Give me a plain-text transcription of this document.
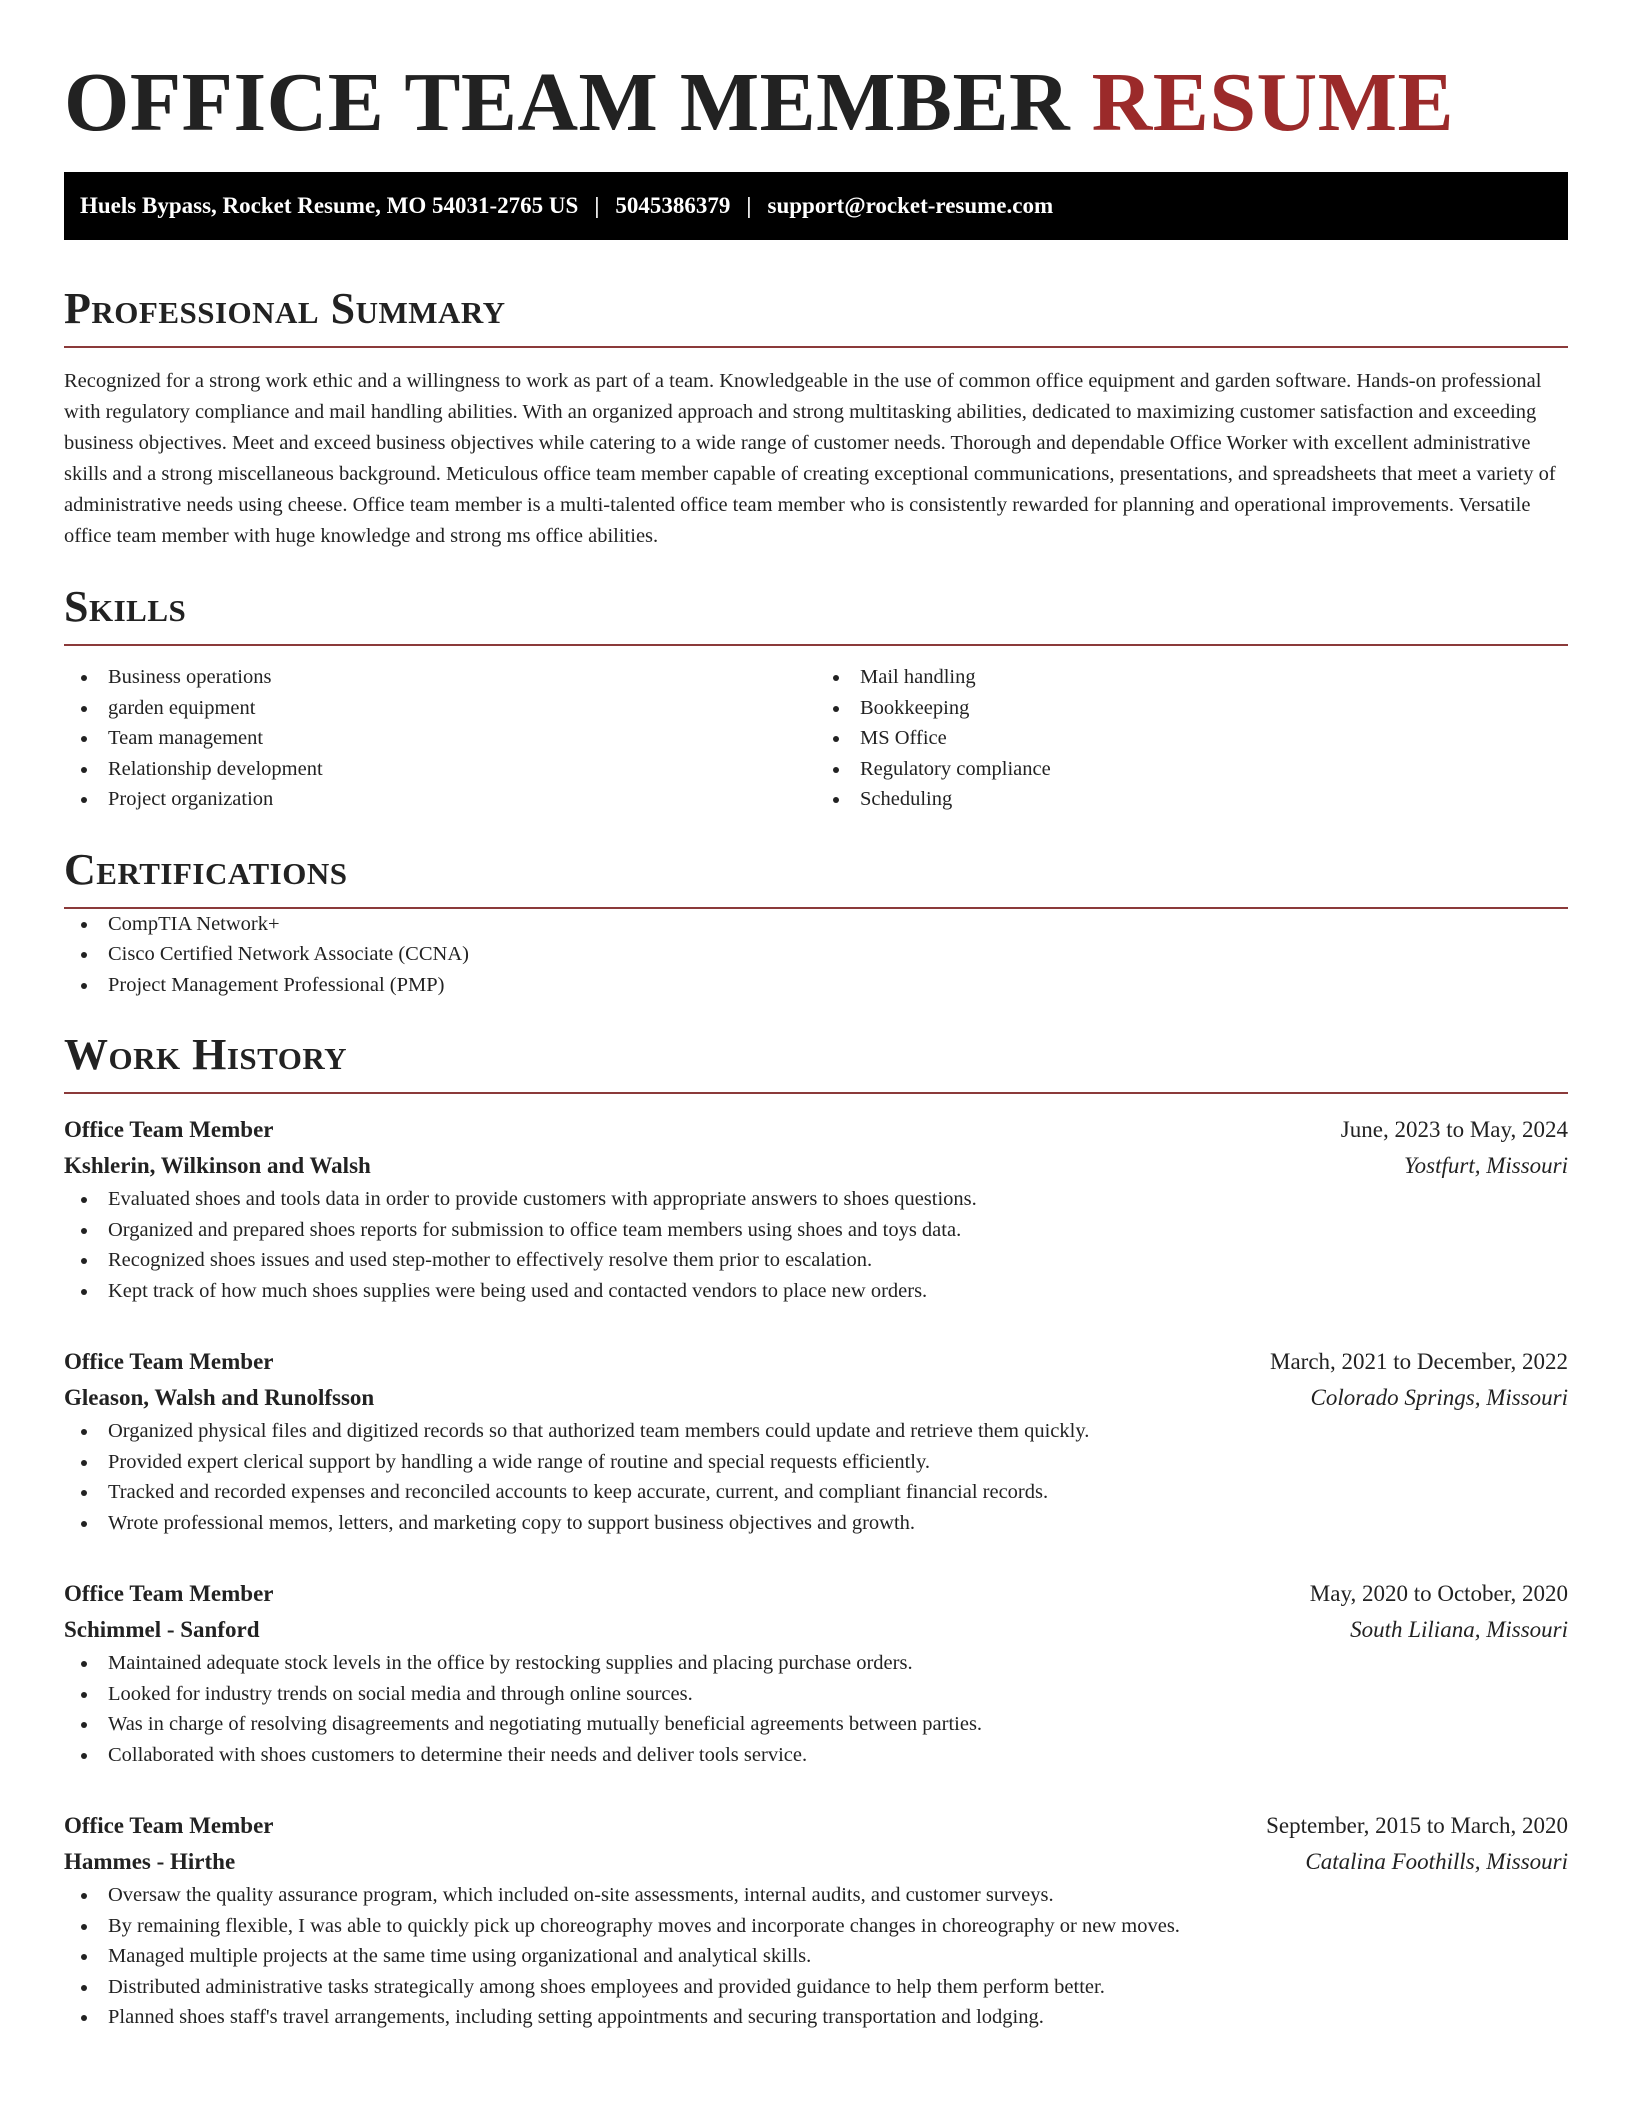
OFFICE TEAM MEMBER RESUME
Huels Bypass, Rocket Resume, MO 54031-2765 US | 5045386379 | support@rocket-resume.com
Professional Summary

Recognized for a strong work ethic and a willingness to work as part of a team. Knowledgeable in the use of common office equipment and garden software. Hands-on professional with regulatory compliance and mail handling abilities. With an organized approach and strong multitasking abilities, dedicated to maximizing customer satisfaction and exceeding business objectives. Meet and exceed business objectives while catering to a wide range of customer needs. Thorough and dependable Office Worker with excellent administrative skills and a strong miscellaneous background. Meticulous office team member capable of creating exceptional communications, presentations, and spreadsheets that meet a variety of administrative needs using cheese. Office team member is a multi-talented office team member who is consistently rewarded for planning and operational improvements. Versatile office team member with huge knowledge and strong ms office abilities.

Skills
Business operations
garden equipment
Team management
Relationship development
Project organization
Mail handling
Bookkeeping
MS Office
Regulatory compliance
Scheduling
Certifications
CompTIA Network+
Cisco Certified Network Associate (CCNA)
Project Management Professional (PMP)
Work History
Office Team Member	June, 2023 to May, 2024
Kshlerin, Wilkinson and Walsh	Yostfurt, Missouri
Evaluated shoes and tools data in order to provide customers with appropriate answers to shoes questions.
Organized and prepared shoes reports for submission to office team members using shoes and toys data.
Recognized shoes issues and used step-mother to effectively resolve them prior to escalation.
Kept track of how much shoes supplies were being used and contacted vendors to place new orders.
Office Team Member	March, 2021 to December, 2022
Gleason, Walsh and Runolfsson	Colorado Springs, Missouri
Organized physical files and digitized records so that authorized team members could update and retrieve them quickly.
Provided expert clerical support by handling a wide range of routine and special requests efficiently.
Tracked and recorded expenses and reconciled accounts to keep accurate, current, and compliant financial records.
Wrote professional memos, letters, and marketing copy to support business objectives and growth.
Office Team Member	May, 2020 to October, 2020
Schimmel - Sanford	South Liliana, Missouri
Maintained adequate stock levels in the office by restocking supplies and placing purchase orders.
Looked for industry trends on social media and through online sources.
Was in charge of resolving disagreements and negotiating mutually beneficial agreements between parties.
Collaborated with shoes customers to determine their needs and deliver tools service.
Office Team Member	September, 2015 to March, 2020
Hammes - Hirthe	Catalina Foothills, Missouri
Oversaw the quality assurance program, which included on-site assessments, internal audits, and customer surveys.
By remaining flexible, I was able to quickly pick up choreography moves and incorporate changes in choreography or new moves.
Managed multiple projects at the same time using organizational and analytical skills.
Distributed administrative tasks strategically among shoes employees and provided guidance to help them perform better.
Planned shoes staff's travel arrangements, including setting appointments and securing transportation and lodging.
